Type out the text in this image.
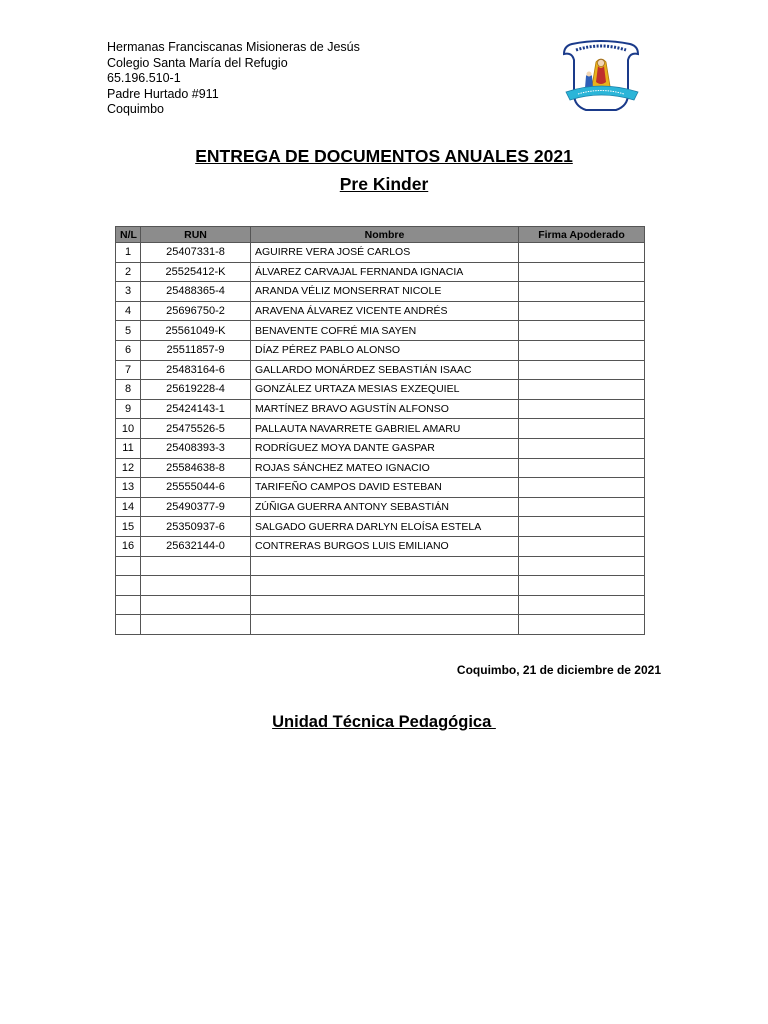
Hermanas Franciscanas Misioneras de Jesús
Colegio Santa María del Refugio
65.196.510-1
Padre Hurtado #911
Coquimbo
ENTREGA DE DOCUMENTOS ANUALES 2021
Pre Kinder
N/L	RUN	Nombre	Firma Apoderado
1	25407331-8	AGUIRRE VERA JOSÉ CARLOS	
2	25525412-K	ÁLVAREZ CARVAJAL FERNANDA IGNACIA	
3	25488365-4	ARANDA VÉLIZ MONSERRAT NICOLE	
4	25696750-2	ARAVENA ÁLVAREZ VICENTE ANDRÉS	
5	25561049-K	BENAVENTE COFRÉ MIA SAYEN	
6	25511857-9	DÍAZ PÉREZ PABLO ALONSO	
7	25483164-6	GALLARDO MONÁRDEZ SEBASTIÁN ISAAC	
8	25619228-4	GONZÁLEZ URTAZA MESIAS EXZEQUIEL	
9	25424143-1	MARTÍNEZ BRAVO AGUSTÍN ALFONSO	
10	25475526-5	PALLAUTA NAVARRETE GABRIEL AMARU	
11	25408393-3	RODRÍGUEZ MOYA DANTE GASPAR	
12	25584638-8	ROJAS SÁNCHEZ MATEO IGNACIO	
13	25555044-6	TARIFEÑO CAMPOS DAVID ESTEBAN	
14	25490377-9	ZÚÑIGA GUERRA ANTONY SEBASTIÁN	
15	25350937-6	SALGADO GUERRA DARLYN ELOÍSA ESTELA	
16	25632144-0	CONTRERAS BURGOS LUIS EMILIANO	

Coquimbo, 21 de diciembre de 2021
Unidad Técnica Pedagógica
